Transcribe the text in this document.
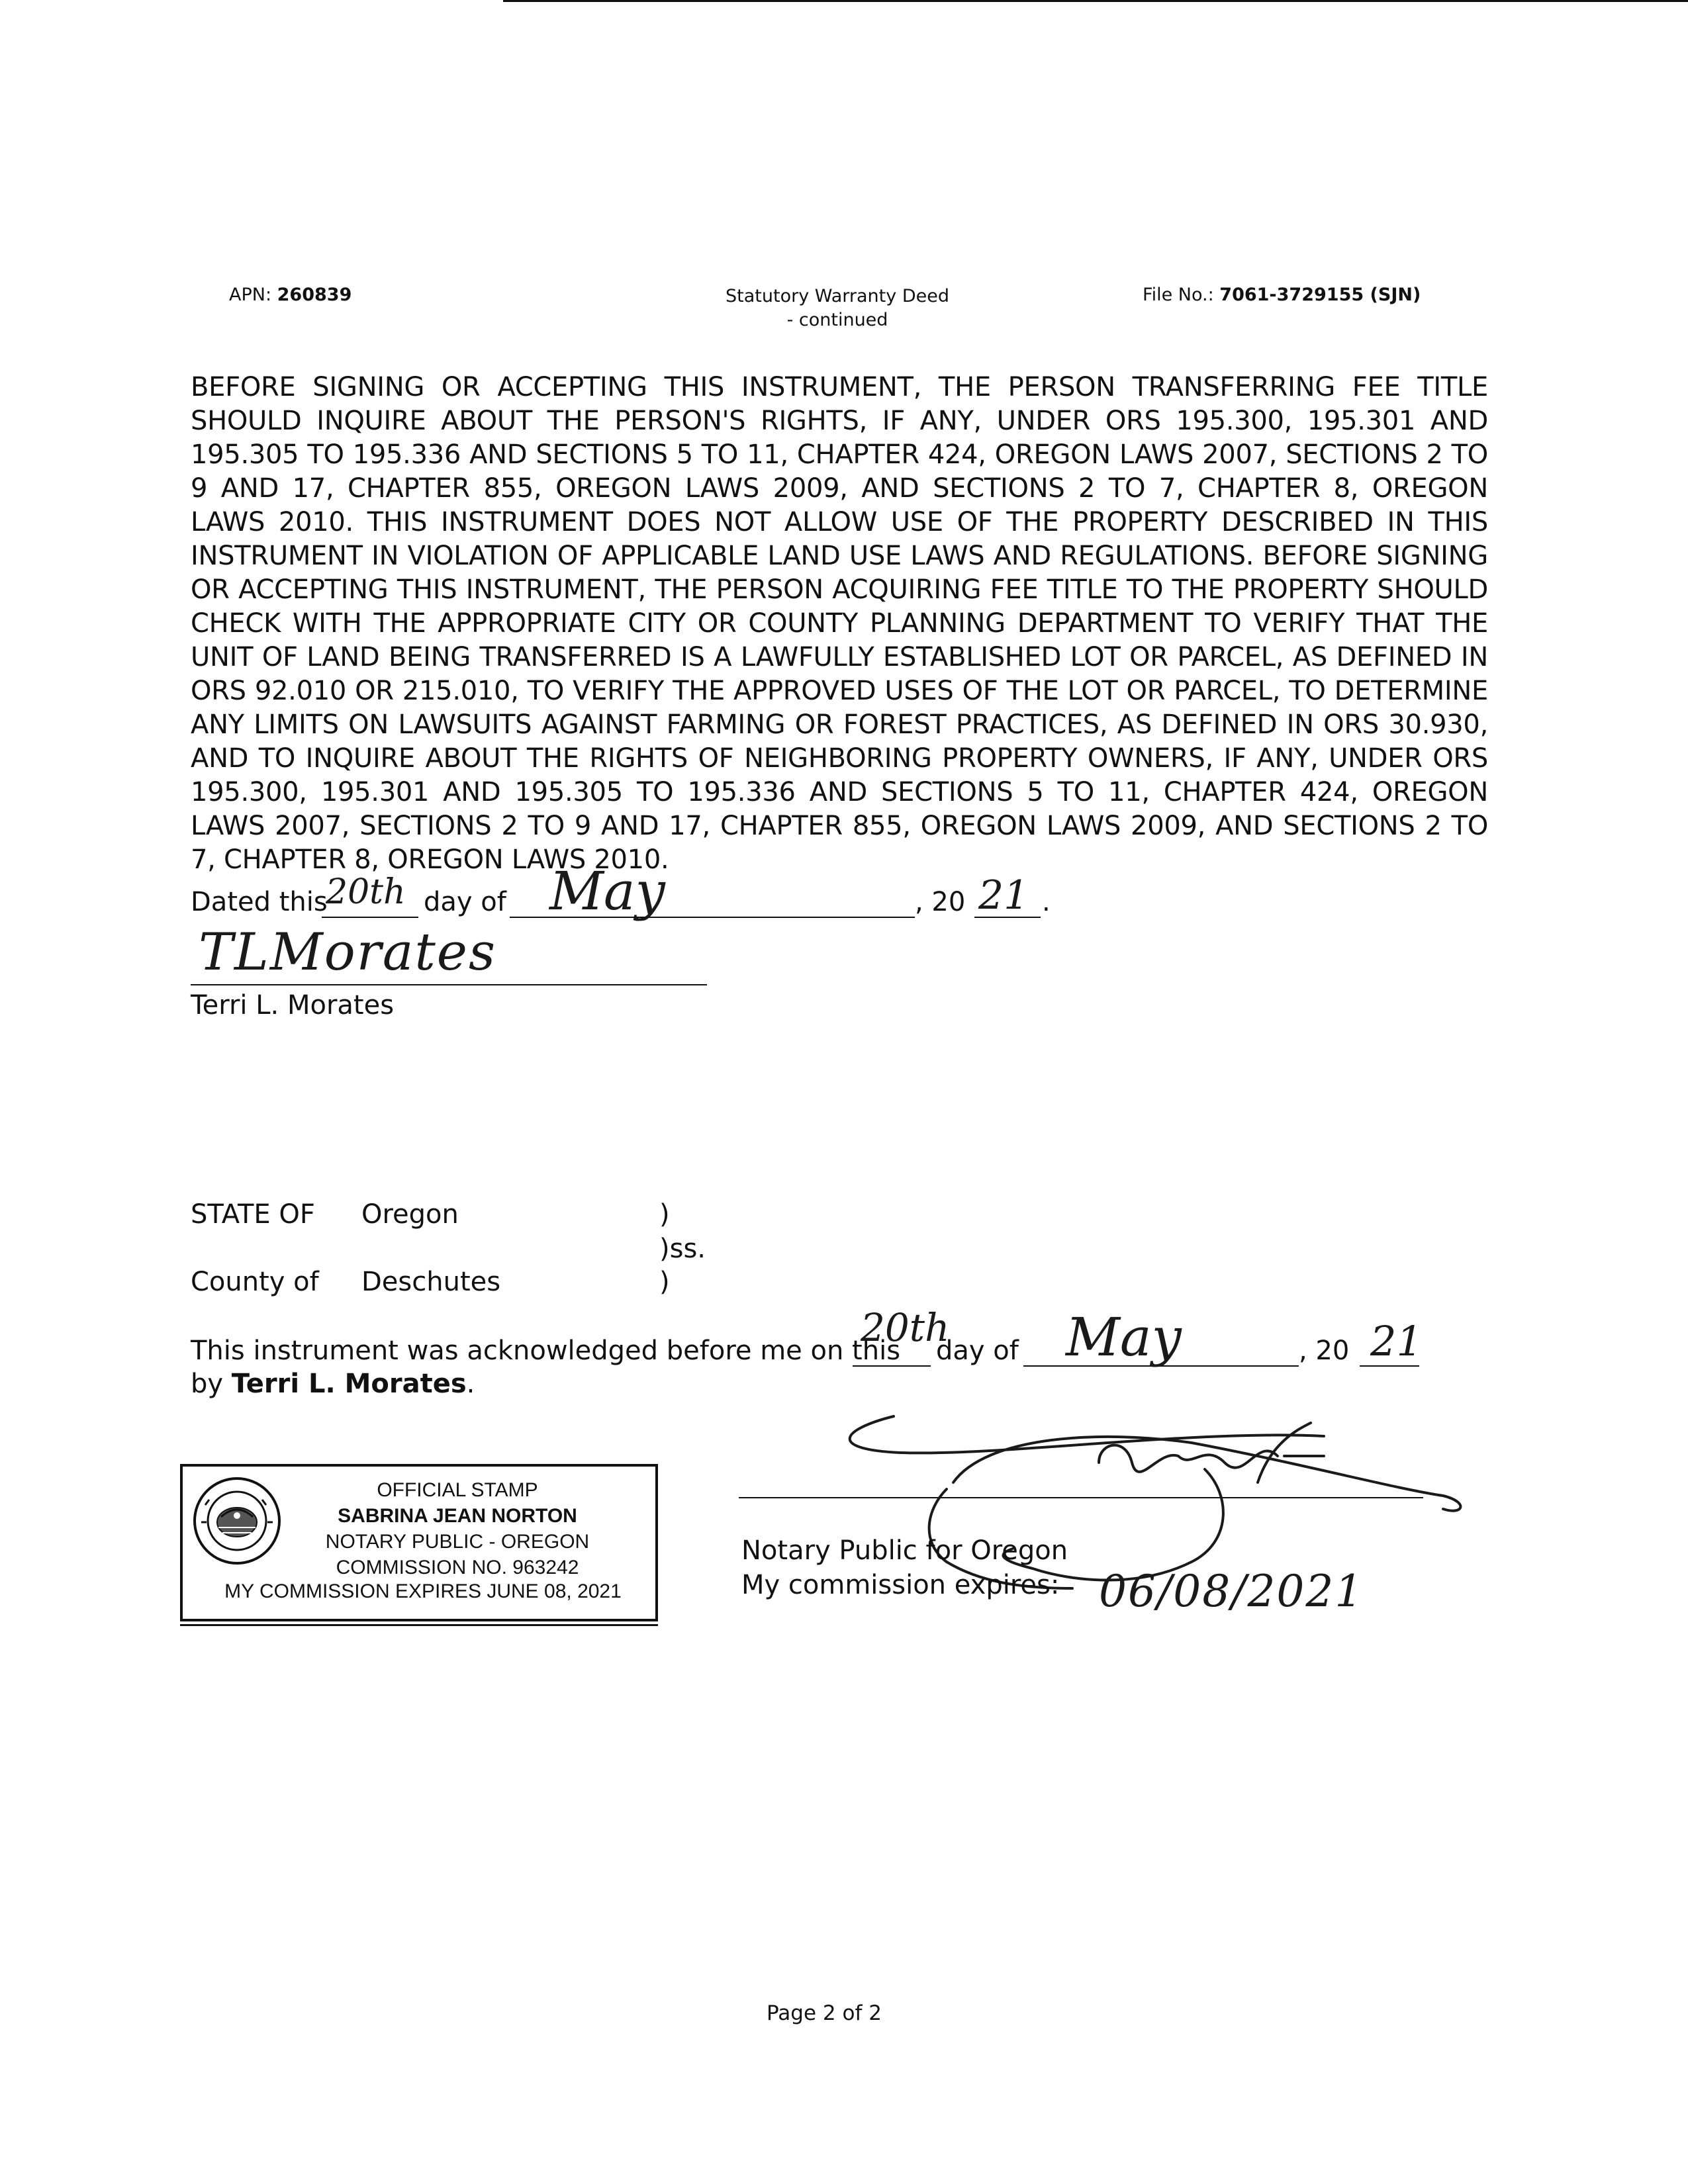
APN: 260839	Statutory Warranty Deed
- continued
File No.: 7061-3729155 (SJN)
BEFORE SIGNING OR ACCEPTING THIS INSTRUMENT, THE PERSON TRANSFERRING FEE TITLE SHOULD INQUIRE ABOUT THE PERSON'S RIGHTS, IF ANY, UNDER ORS 195.300, 195.301 AND 195.305 TO 195.336 AND SECTIONS 5 TO 11, CHAPTER 424, OREGON LAWS 2007, SECTIONS 2 TO 9 AND 17, CHAPTER 855, OREGON LAWS 2009, AND SECTIONS 2 TO 7, CHAPTER 8, OREGON LAWS 2010. THIS INSTRUMENT DOES NOT ALLOW USE OF THE PROPERTY DESCRIBED IN THIS INSTRUMENT IN VIOLATION OF APPLICABLE LAND USE LAWS AND REGULATIONS. BEFORE SIGNING OR ACCEPTING THIS INSTRUMENT, THE PERSON ACQUIRING FEE TITLE TO THE PROPERTY SHOULD CHECK WITH THE APPROPRIATE CITY OR COUNTY PLANNING DEPARTMENT TO VERIFY THAT THE UNIT OF LAND BEING TRANSFERRED IS A LAWFULLY ESTABLISHED LOT OR PARCEL, AS DEFINED IN ORS 92.010 OR 215.010, TO VERIFY THE APPROVED USES OF THE LOT OR PARCEL, TO DETERMINE ANY LIMITS ON LAWSUITS AGAINST FARMING OR FOREST PRACTICES, AS DEFINED IN ORS 30.930, AND TO INQUIRE ABOUT THE RIGHTS OF NEIGHBORING PROPERTY OWNERS, IF ANY, UNDER ORS 195.300, 195.301 AND 195.305 TO 195.336 AND SECTIONS 5 TO 11, CHAPTER 424, OREGON LAWS 2007, SECTIONS 2 TO 9 AND 17, CHAPTER 855, OREGON LAWS 2009, AND SECTIONS 2 TO 7, CHAPTER 8, OREGON LAWS 2010.
Dated this
20th day of May	, 20 21 .
TLMorates
Terri L. Morates
STATE OF Oregon	)
)ss.
County of Deschutes	)
This instrument was acknowledged before me on this
20th
day of May	, 20 21
by Terri L. Morates.
OFFICIAL STAMP
SABRINA JEAN NORTON
NOTARY PUBLIC - OREGON
COMMISSION NO. 963242
MY COMMISSION EXPIRES JUNE 08, 2021
Notary Public for Oregon
My commission expires: 06/08/2021
Page 2 of 2
